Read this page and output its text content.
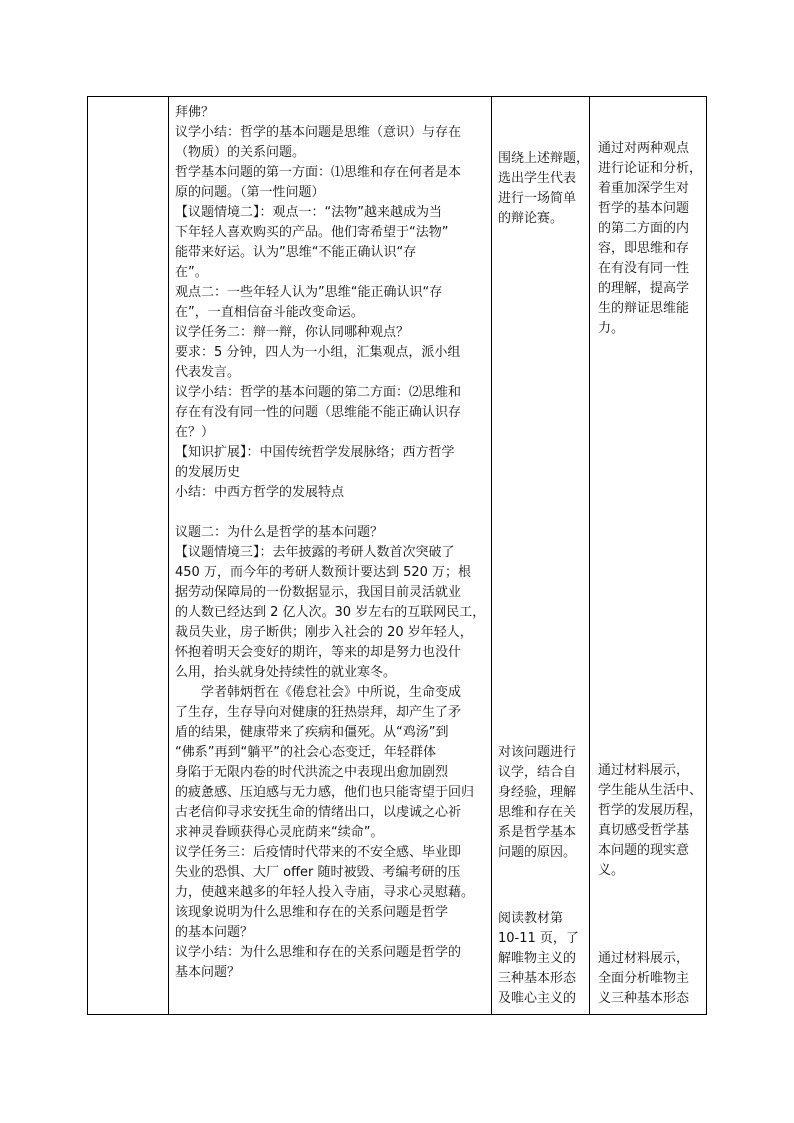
拜佛？
议学小结：哲学的基本问题是思维（意识）与存在
（物质）的关系问题。
哲学基本问题的第一方面：⑴思维和存在何者是本
原的问题。（第一性问题）
【议题情境二】：观点一：“法物”越来越成为当
下年轻人喜欢购买的产品。他们寄希望于“法物”
能带来好运。认为”思维“不能正确认识“存
在”。
观点二：一些年轻人认为”思维“能正确认识“存
在”，一直相信奋斗能改变命运。
议学任务二：辩一辩，你认同哪种观点？
要求：5 分钟，四人为一小组，汇集观点，派小组
代表发言。
议学小结：哲学的基本问题的第二方面：⑵思维和
存在有没有同一性的问题（思维能不能正确认识存
在？）
【知识扩展】：中国传统哲学发展脉络；西方哲学
的发展历史
小结：中西方哲学的发展特点
议题二：为什么是哲学的基本问题？
【议题情境三】：去年披露的考研人数首次突破了
450 万，而今年的考研人数预计要达到 520 万；根
据劳动保障局的一份数据显示，我国目前灵活就业
的人数已经达到 2 亿人次。30 岁左右的互联网民工，
裁员失业，房子断供；刚步入社会的 20 岁年轻人，
怀抱着明天会变好的期许，等来的却是努力也没什
么用，抬头就身处持续性的就业寒冬。
学者韩炳哲在《倦怠社会》中所说，生命变成
了生存，生存导向对健康的狂热崇拜，却产生了矛
盾的结果，健康带来了疾病和僵死。从“鸡汤”到
“佛系”再到“躺平”的社会心态变迁，年轻群体
身陷于无限内卷的时代洪流之中表现出愈加剧烈
的疲惫感、压迫感与无力感，他们也只能寄望于回归
古老信仰寻求安抚生命的情绪出口，以虔诚之心祈
求神灵眷顾获得心灵庇荫来“续命”。
议学任务三：后疫情时代带来的不安全感、毕业即
失业的恐惧、大厂 offer 随时被毁、考编考研的压
力，使越来越多的年轻人投入寺庙，寻求心灵慰藉。
该现象说明为什么思维和存在的关系问题是哲学
的基本问题？
议学小结：为什么思维和存在的关系问题是哲学的
基本问题？
围绕上述辩题，
选出学生代表
进行一场简单
的辩论赛。
对该问题进行
议学，结合自
身经验，理解
思维和存在关
系是哲学基本
问题的原因。
阅读教材第
10-11 页，了
解唯物主义的
三种基本形态
及唯心主义的
通过对两种观点
进行论证和分析，
着重加深学生对
哲学的基本问题
的第二方面的内
容，即思维和存
在有没有同一性
的理解，提高学
生的辩证思维能
力。
通过材料展示，
学生能从生活中、
哲学的发展历程，
真切感受哲学基
本问题的现实意
义。
通过材料展示，
全面分析唯物主
义三种基本形态
